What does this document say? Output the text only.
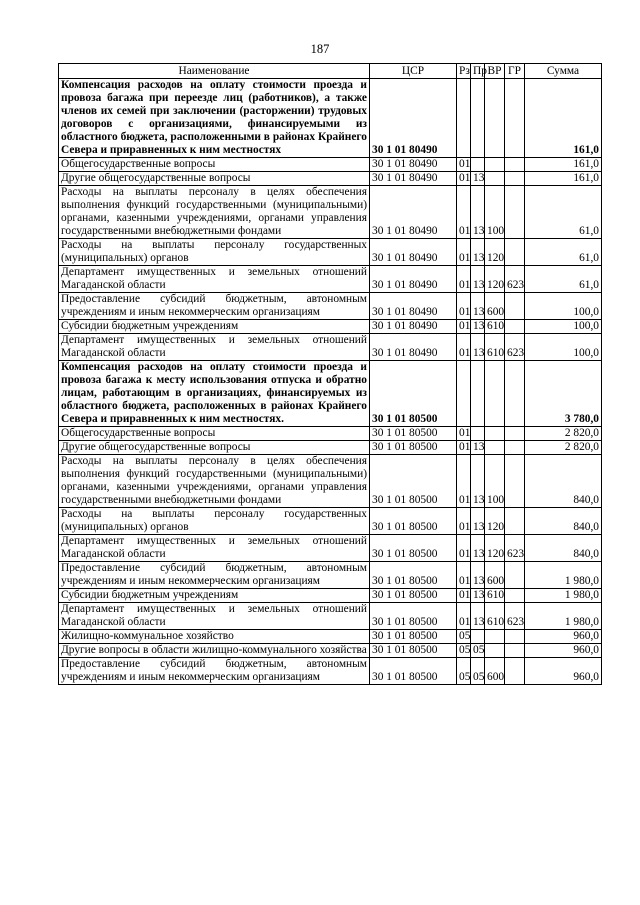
187
Наименование	ЦСР	Рз	Пр	ВР	ГР	Сумма
Компенсация расходов на оплату стоимости проезда и провоза багажа при переезде лиц (работников), а также членов их семей при заключении (расторжении) трудовых договоров с организациями, финансируемыми из областного бюджета, расположенными в районах Крайнего Севера и приравненных к ним местностях	30 1 01 80490					161,0
Общегосударственные вопросы	30 1 01 80490	01				161,0
Другие общегосударственные вопросы	30 1 01 80490	01	13			161,0
Расходы на выплаты персоналу в целях обеспечения выполнения функций государственными (муниципальными) органами, казенными учреждениями, органами управления государственными внебюджетными фондами	30 1 01 80490	01	13	100		61,0
Расходы на выплаты персоналу государственных (муниципальных) органов	30 1 01 80490	01	13	120		61,0
Департамент имущественных и земельных отношений Магаданской области	30 1 01 80490	01	13	120	623	61,0
Предоставление субсидий бюджетным, автономным учреждениям и иным некоммерческим организациям	30 1 01 80490	01	13	600		100,0
Субсидии бюджетным учреждениям	30 1 01 80490	01	13	610		100,0
Департамент имущественных и земельных отношений Магаданской области	30 1 01 80490	01	13	610	623	100,0
Компенсация расходов на оплату стоимости проезда и провоза багажа к месту использования отпуска и обратно лицам, работающим в организациях, финансируемых из областного бюджета, расположенных в районах Крайнего Севера и приравненных к ним местностях.	30 1 01 80500					3 780,0
Общегосударственные вопросы	30 1 01 80500	01				2 820,0
Другие общегосударственные вопросы	30 1 01 80500	01	13			2 820,0
Расходы на выплаты персоналу в целях обеспечения выполнения функций государственными (муниципальными) органами, казенными учреждениями, органами управления государственными внебюджетными фондами	30 1 01 80500	01	13	100		840,0
Расходы на выплаты персоналу государственных (муниципальных) органов	30 1 01 80500	01	13	120		840,0
Департамент имущественных и земельных отношений Магаданской области	30 1 01 80500	01	13	120	623	840,0
Предоставление субсидий бюджетным, автономным учреждениям и иным некоммерческим организациям	30 1 01 80500	01	13	600		1 980,0
Субсидии бюджетным учреждениям	30 1 01 80500	01	13	610		1 980,0
Департамент имущественных и земельных отношений Магаданской области	30 1 01 80500	01	13	610	623	1 980,0
Жилищно-коммунальное хозяйство	30 1 01 80500	05				960,0
Другие вопросы в области жилищно-коммунального хозяйства	30 1 01 80500	05	05			960,0
Предоставление субсидий бюджетным, автономным учреждениям и иным некоммерческим организациям	30 1 01 80500	05	05	600		960,0
